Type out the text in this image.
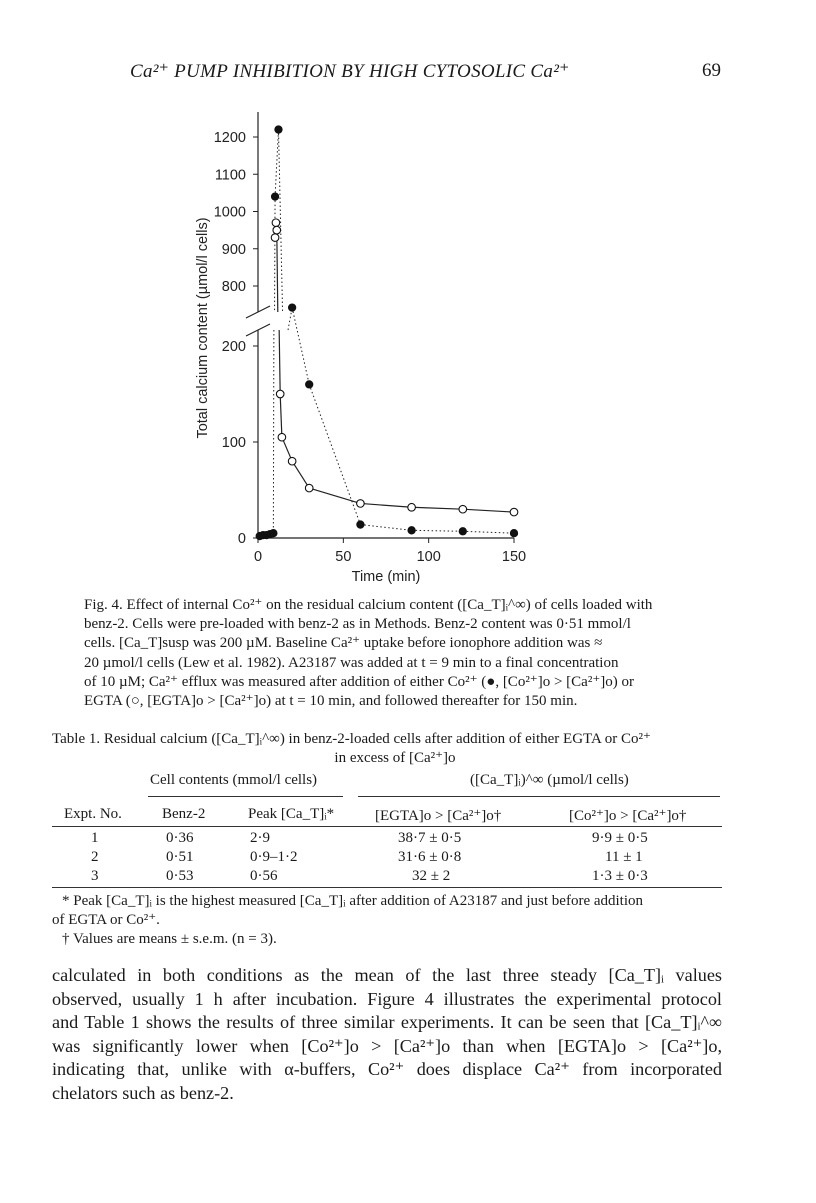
Ca²⁺ PUMP INHIBITION BY HIGH CYTOSOLIC Ca²⁺	69
0
100
200
800
900
1000
1100
1200
0	50	100	150
Total calcium content (µmol/l cells)
Time (min)
Fig. 4. Effect of internal Co²⁺ on the residual calcium content ([Ca_T]ᵢ^∞) of cells loaded with
benz-2. Cells were pre-loaded with benz-2 as in Methods. Benz-2 content was 0·51 mmol/l
cells. [Ca_T]susp was 200 µM. Baseline Ca²⁺ uptake before ionophore addition was ≈
20 µmol/l cells (Lew et al. 1982). A23187 was added at t = 9 min to a final concentration
of 10 µM; Ca²⁺ efflux was measured after addition of either Co²⁺ (●, [Co²⁺]o > [Ca²⁺]o) or
EGTA (○, [EGTA]o > [Ca²⁺]o) at t = 10 min, and followed thereafter for 150 min.
Table 1. Residual calcium ([Ca_T]ᵢ^∞) in benz-2-loaded cells after addition of either EGTA or Co²⁺
in excess of [Ca²⁺]o
Cell contents (mmol/l cells)	([Ca_T]ᵢ)^∞ (µmol/l cells)
Expt. No.	Benz-2	Peak [Ca_T]ᵢ*	[EGTA]o > [Ca²⁺]o†	[Co²⁺]o > [Ca²⁺]o†
1	0·36	2·9	38·7 ± 0·5	9·9 ± 0·5
2	0·51	0·9–1·2	31·6 ± 0·8	11 ± 1
3	0·53	0·56	32 ± 2	1·3 ± 0·3
* Peak [Ca_T]ᵢ is the highest measured [Ca_T]ᵢ after addition of A23187 and just before addition
of EGTA or Co²⁺.
† Values are means ± s.e.m. (n = 3).
calculated in both conditions as the mean of the last three steady [Ca_T]ᵢ values
observed, usually 1 h after incubation. Figure 4 illustrates the experimental protocol
and Table 1 shows the results of three similar experiments. It can be seen that [Ca_T]ᵢ^∞
was significantly lower when [Co²⁺]o > [Ca²⁺]o than when [EGTA]o > [Ca²⁺]o,
indicating that, unlike with α-buffers, Co²⁺ does displace Ca²⁺ from incorporated
chelators such as benz-2.
